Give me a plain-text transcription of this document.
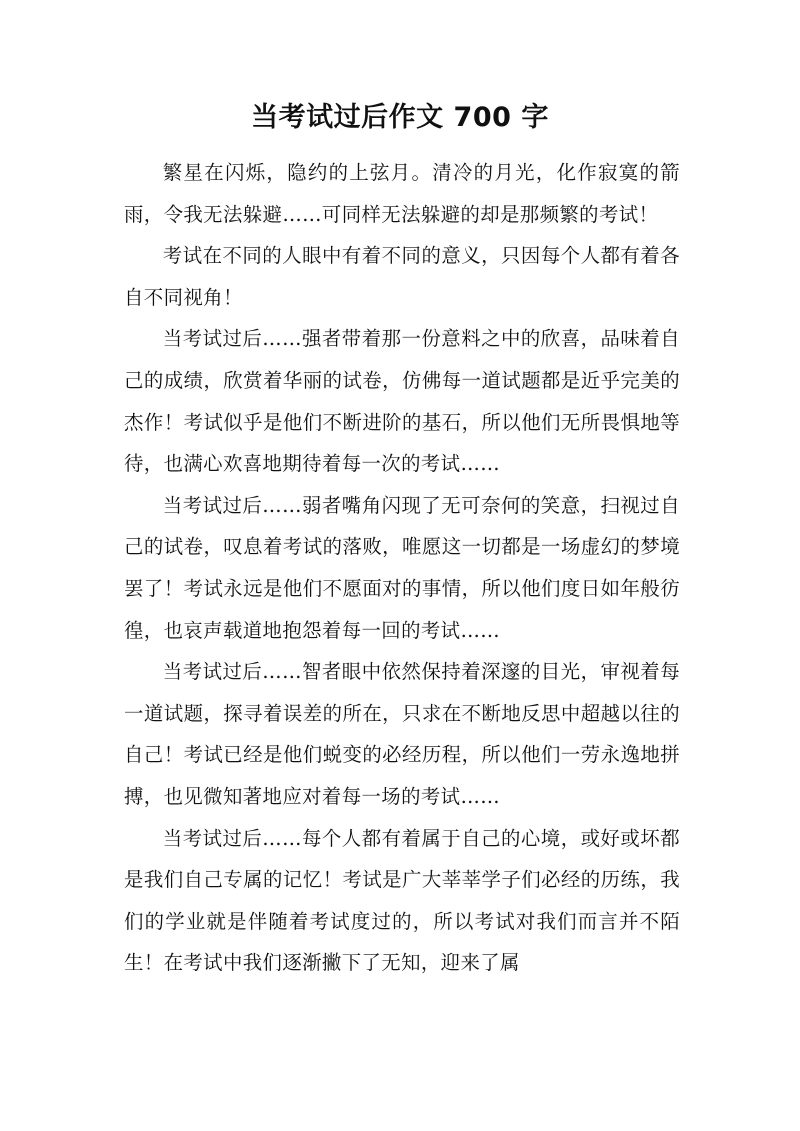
当考试过后作文 700 字

繁星在闪烁，隐约的上弦月。清冷的月光，化作寂寞的箭雨，令我无法躲避……可同样无法躲避的却是那频繁的考试！

考试在不同的人眼中有着不同的意义，只因每个人都有着各自不同视角！

当考试过后……强者带着那一份意料之中的欣喜，品味着自己的成绩，欣赏着华丽的试卷，仿佛每一道试题都是近乎完美的杰作！考试似乎是他们不断进阶的基石，所以他们无所畏惧地等待，也满心欢喜地期待着每一次的考试……

当考试过后……弱者嘴角闪现了无可奈何的笑意，扫视过自己的试卷，叹息着考试的落败，唯愿这一切都是一场虚幻的梦境罢了！考试永远是他们不愿面对的事情，所以他们度日如年般彷徨，也哀声载道地抱怨着每一回的考试……

当考试过后……智者眼中依然保持着深邃的目光，审视着每一道试题，探寻着误差的所在，只求在不断地反思中超越以往的自己！考试已经是他们蜕变的必经历程，所以他们一劳永逸地拼搏，也见微知著地应对着每一场的考试……

当考试过后……每个人都有着属于自己的心境，或好或坏都是我们自己专属的记忆！考试是广大莘莘学子们必经的历练，我们的学业就是伴随着考试度过的，所以考试对我们而言并不陌生！在考试中我们逐渐撇下了无知，迎来了属
